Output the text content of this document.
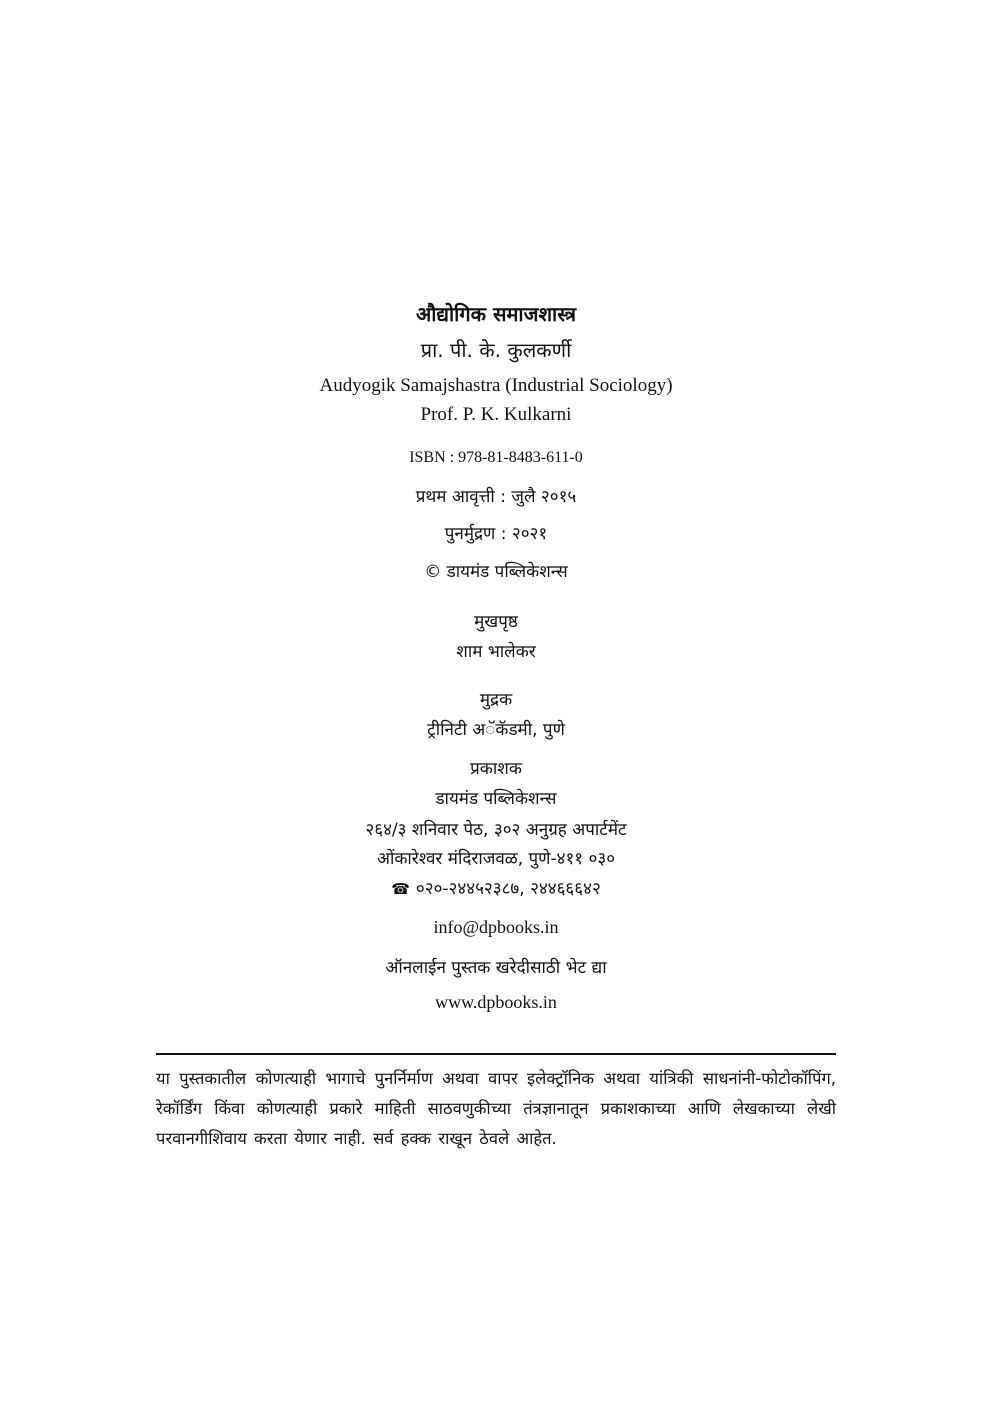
औद्योगिक समाजशास्त्र
प्रा. पी. के. कुलकर्णी
Audyogik Samajshastra (Industrial Sociology)
Prof. P. K. Kulkarni
ISBN : 978-81-8483-611-0
प्रथम आवृत्ती : जुलै २०१५
पुनर्मुद्रण : २०२१
© डायमंड पब्लिकेशन्स
मुखपृष्ठ
शाम भालेकर
मुद्रक
ट्रीनिटी अॅकॅडमी, पुणे
प्रकाशक
डायमंड पब्लिकेशन्स
२६४/३ शनिवार पेठ, ३०२ अनुग्रह अपार्टमेंट
ओंकारेश्वर मंदिराजवळ, पुणे-४११ ०३०
☎ ०२०-२४४५२३८७, २४४६६६४२
info@dpbooks.in
ऑनलाईन पुस्तक खरेदीसाठी भेट द्या
www.dpbooks.in
या पुस्तकातील कोणत्याही भागाचे पुनर्निर्माण अथवा वापर इलेक्ट्रॉनिक अथवा यांत्रिकी साधनांनी-फोटोकॉपिंग, रेकॉर्डिंग किंवा कोणत्याही प्रकारे माहिती साठवणुकीच्या तंत्रज्ञानातून प्रकाशकाच्या आणि लेखकाच्या लेखी परवानगीशिवाय करता येणार नाही. सर्व हक्क राखून ठेवले आहेत.
